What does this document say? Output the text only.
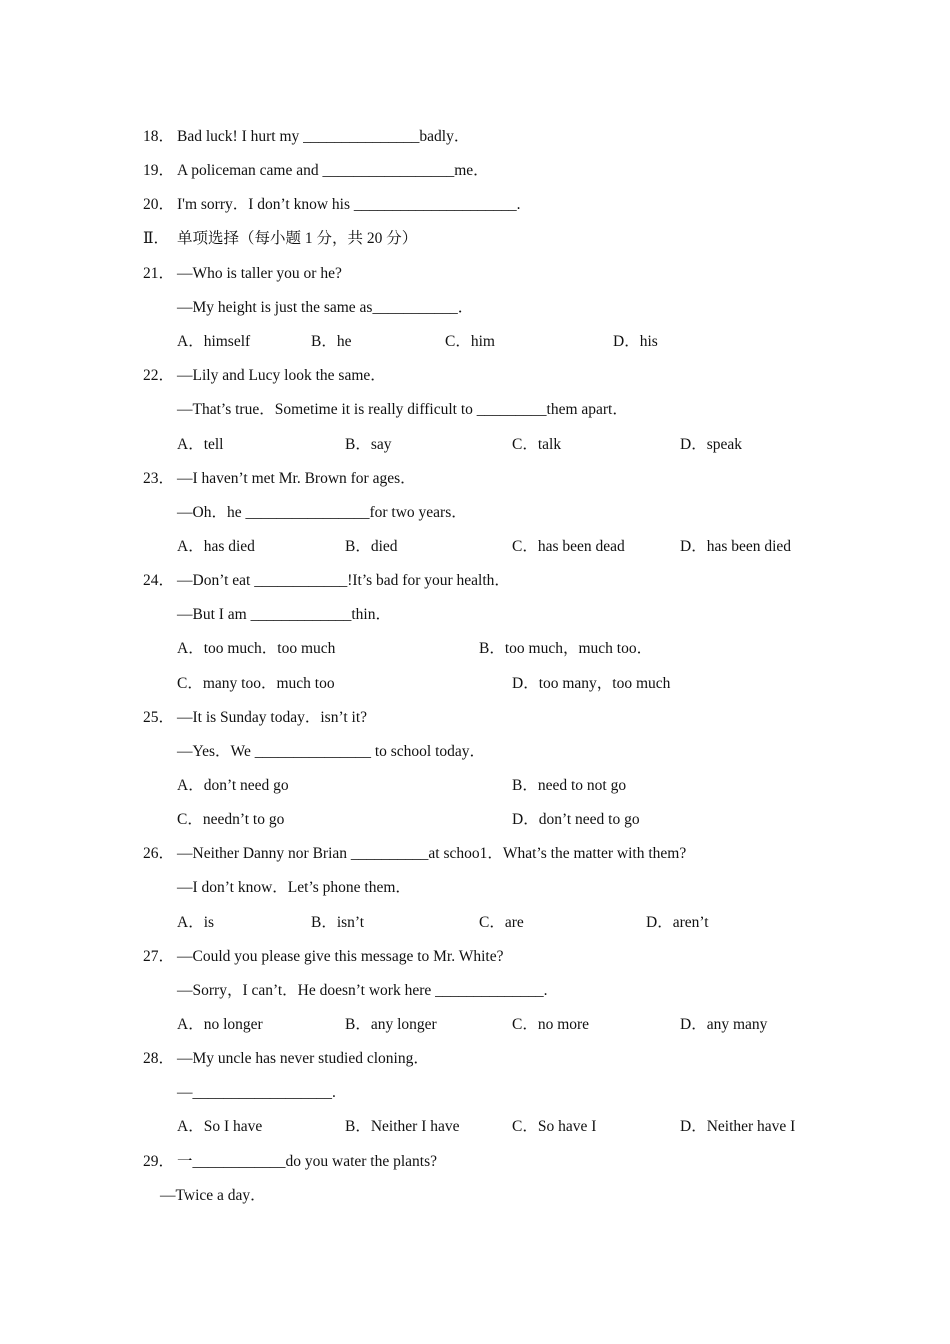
18． Bad luck! I hurt my _______________badly．
19． A policeman came and _________________me．
20． I'm sorry．I don’t know his _____________________.
Ⅱ． 单项选择（每小题 1 分，共 20 分）
21． —Who is taller you or he?
—My height is just the same as___________．
A．himself	B．he	C．him	D．his
22． —Lily and Lucy look the same．
—That’s true．Sometime it is really difficult to _________them apart．
A．tell	B．say	C．talk	D．speak
23． —I haven’t met Mr. Brown for ages．
—Oh．he ________________for two years．
A．has died	B．died	C．has been dead	D．has been died
24． —Don’t eat ____________!It’s bad for your health．
—But I am _____________thin．
A．too much．too much	B．too much，much too．
C．many too．much too	D．too many，too much
25． —It is Sunday today．isn’t it?
—Yes．We _______________ to school today．
A．don’t need go	B．need to not go
C．needn’t to go	D．don’t need to go
26． —Neither Danny nor Brian __________at schoo1．What’s the matter with them?
—I don’t know．Let’s phone them．
A．is	B．isn’t	C．are	D．aren’t
27． —Could you please give this message to Mr. White?
—Sorry，I can’t．He doesn’t work here ______________.
A．no longer	B．any longer	C．no more	D．any many
28． —My uncle has never studied cloning．
—__________________.
A．So I have	B．Neither I have	C．So have I	D．Neither have I
29． 一____________do you water the plants?
—Twice a day．
